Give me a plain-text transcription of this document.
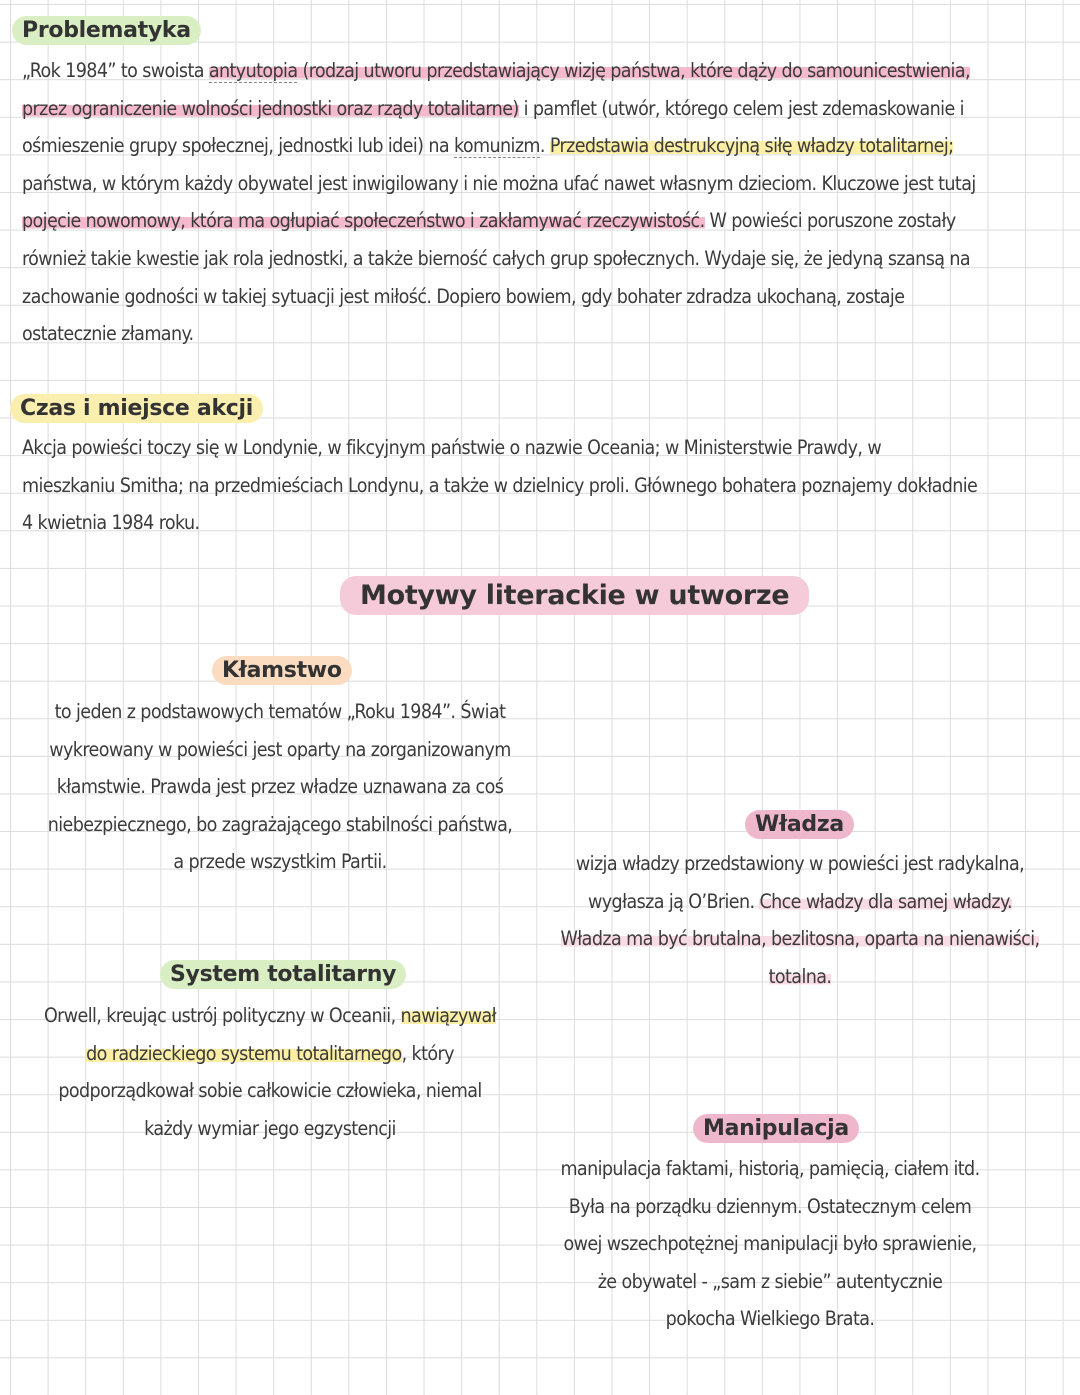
Problematyka
„Rok 1984” to swoista antyutopia (rodzaj utworu przedstawiający wizję państwa, które dąży do samounicestwienia,
przez ograniczenie wolności jednostki oraz rządy totalitarne) i pamflet (utwór, którego celem jest zdemaskowanie i
ośmieszenie grupy społecznej, jednostki lub idei) na komunizm. Przedstawia destrukcyjną siłę władzy totalitarnej;
państwa, w którym każdy obywatel jest inwigilowany i nie można ufać nawet własnym dzieciom. Kluczowe jest tutaj
pojęcie nowomowy, która ma ogłupiać społeczeństwo i zakłamywać rzeczywistość. W powieści poruszone zostały
również takie kwestie jak rola jednostki, a także bierność całych grup społecznych. Wydaje się, że jedyną szansą na
zachowanie godności w takiej sytuacji jest miłość. Dopiero bowiem, gdy bohater zdradza ukochaną, zostaje
ostatecznie złamany.
Czas i miejsce akcji
Akcja powieści toczy się w Londynie, w fikcyjnym państwie o nazwie Oceania; w Ministerstwie Prawdy, w
mieszkaniu Smitha; na przedmieściach Londynu, a także w dzielnicy proli. Głównego bohatera poznajemy dokładnie
4 kwietnia 1984 roku.
Motywy literackie w utworze
Kłamstwo
to jeden z podstawowych tematów „Roku 1984”. Świat
wykreowany w powieści jest oparty na zorganizowanym
kłamstwie. Prawda jest przez władze uznawana za coś
niebezpiecznego, bo zagrażającego stabilności państwa,
a przede wszystkim Partii.
Władza
wizja władzy przedstawiony w powieści jest radykalna,
wygłasza ją O’Brien. Chce władzy dla samej władzy.
Władza ma być brutalna, bezlitosna, oparta na nienawiści,
totalna.
System totalitarny
Orwell, kreując ustrój polityczny w Oceanii, nawiązywał
do radzieckiego systemu totalitarnego, który
podporządkował sobie całkowicie człowieka, niemal
każdy wymiar jego egzystencji	Manipulacja
manipulacja faktami, historią, pamięcią, ciałem itd.
Była na porządku dziennym. Ostatecznym celem
owej wszechpotężnej manipulacji było sprawienie,
że obywatel - „sam z siebie” autentycznie
pokocha Wielkiego Brata.
